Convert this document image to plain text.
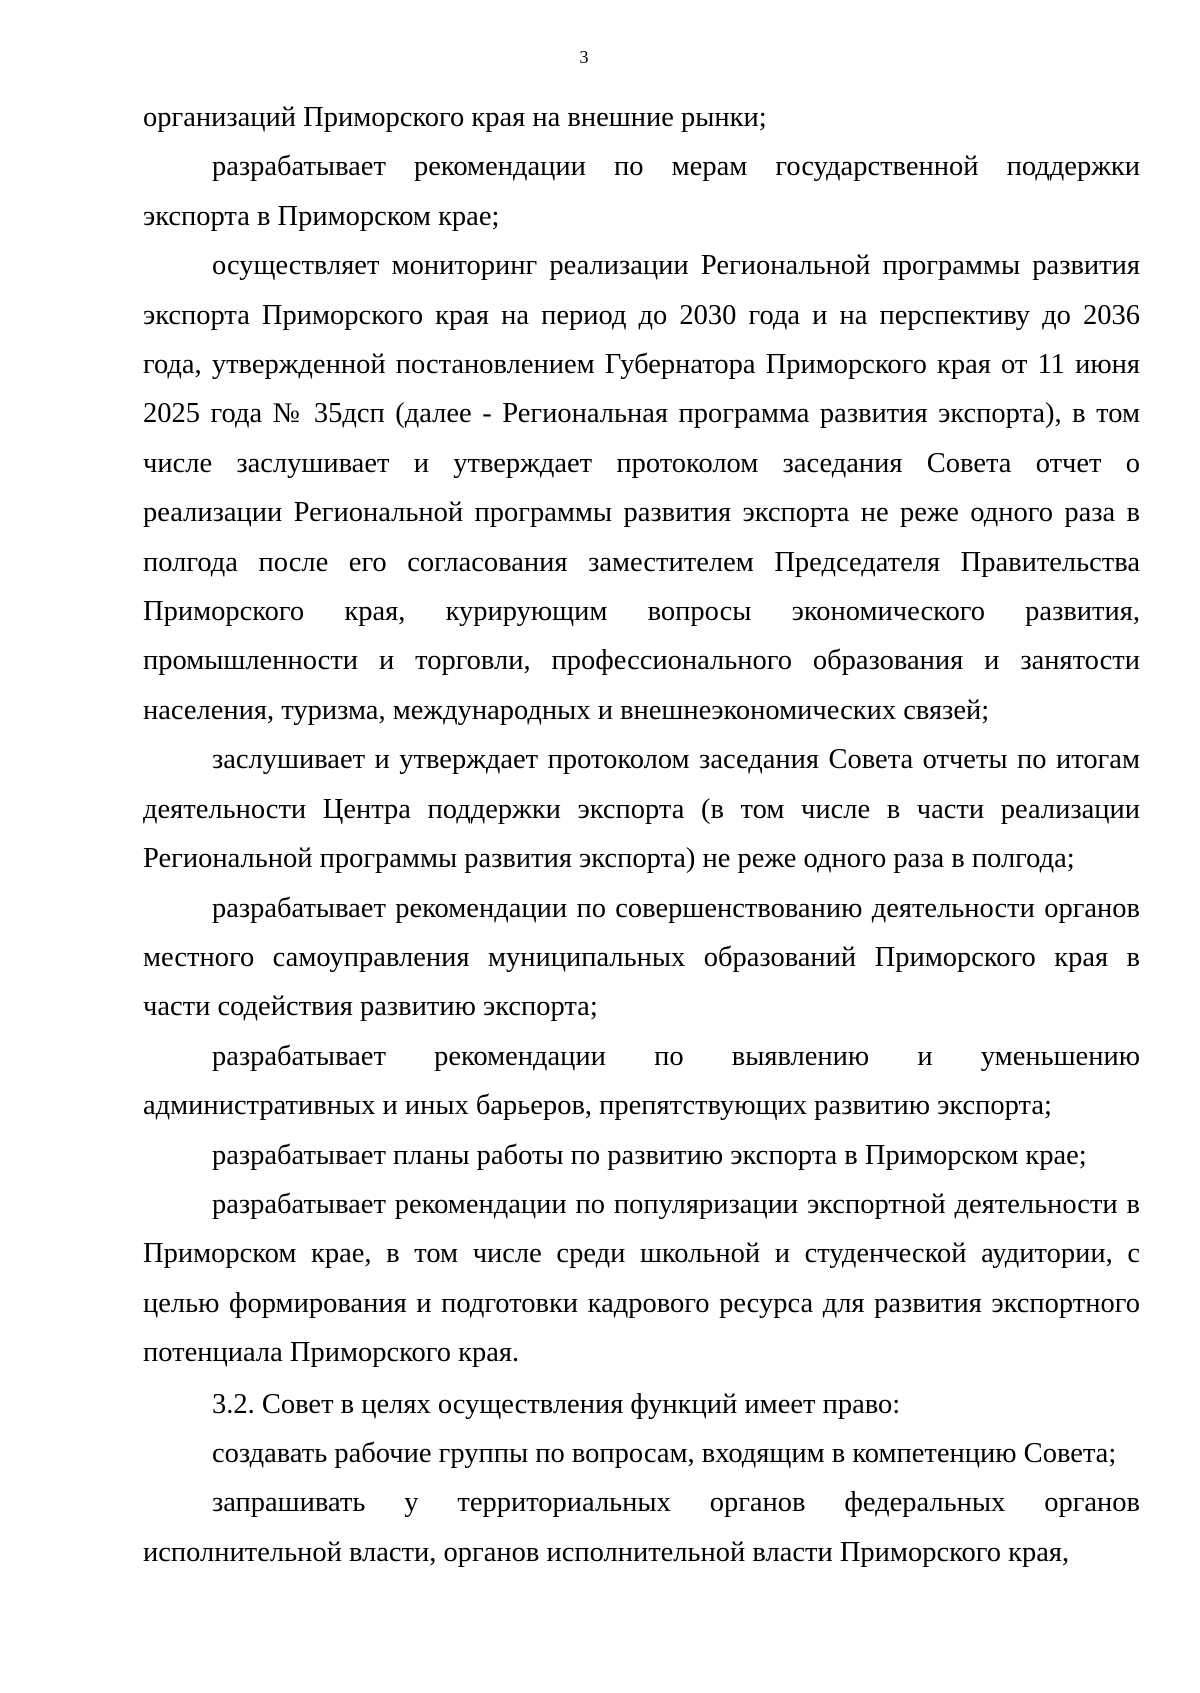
3

организаций Приморского края на внешние рынки;

разрабатывает рекомендации по мерам государственной поддержки экспорта в Приморском крае;

осуществляет мониторинг реализации Региональной программы развития экспорта Приморского края на период до 2030 года и на перспективу до 2036 года, утвержденной постановлением Губернатора Приморского края от 11 июня 2025 года № 35дсп (далее - Региональная программа развития экспорта), в том числе заслушивает и утверждает протоколом заседания Совета отчет о реализации Региональной программы развития экспорта не реже одного раза в полгода после его согласования заместителем Председателя Правительства Приморского края, курирующим вопросы экономического развития, промышленности и торговли, профессионального образования и занятости населения, туризма, международных и внешнеэкономических связей;

заслушивает и утверждает протоколом заседания Совета отчеты по итогам деятельности Центра поддержки экспорта (в том числе в части реализации Региональной программы развития экспорта) не реже одного раза в полгода;

разрабатывает рекомендации по совершенствованию деятельности органов местного самоуправления муниципальных образований Приморского края в части содействия развитию экспорта;

разрабатывает рекомендации по выявлению и уменьшению административных и иных барьеров, препятствующих развитию экспорта;

разрабатывает планы работы по развитию экспорта в Приморском крае;

разрабатывает рекомендации по популяризации экспортной деятельности в Приморском крае, в том числе среди школьной и студенческой аудитории, с целью формирования и подготовки кадрового ресурса для развития экспортного потенциала Приморского края.

3.2. Совет в целях осуществления функций имеет право:

создавать рабочие группы по вопросам, входящим в компетенцию Совета;

запрашивать у территориальных органов федеральных органов исполнительной власти, органов исполнительной власти Приморского края,
